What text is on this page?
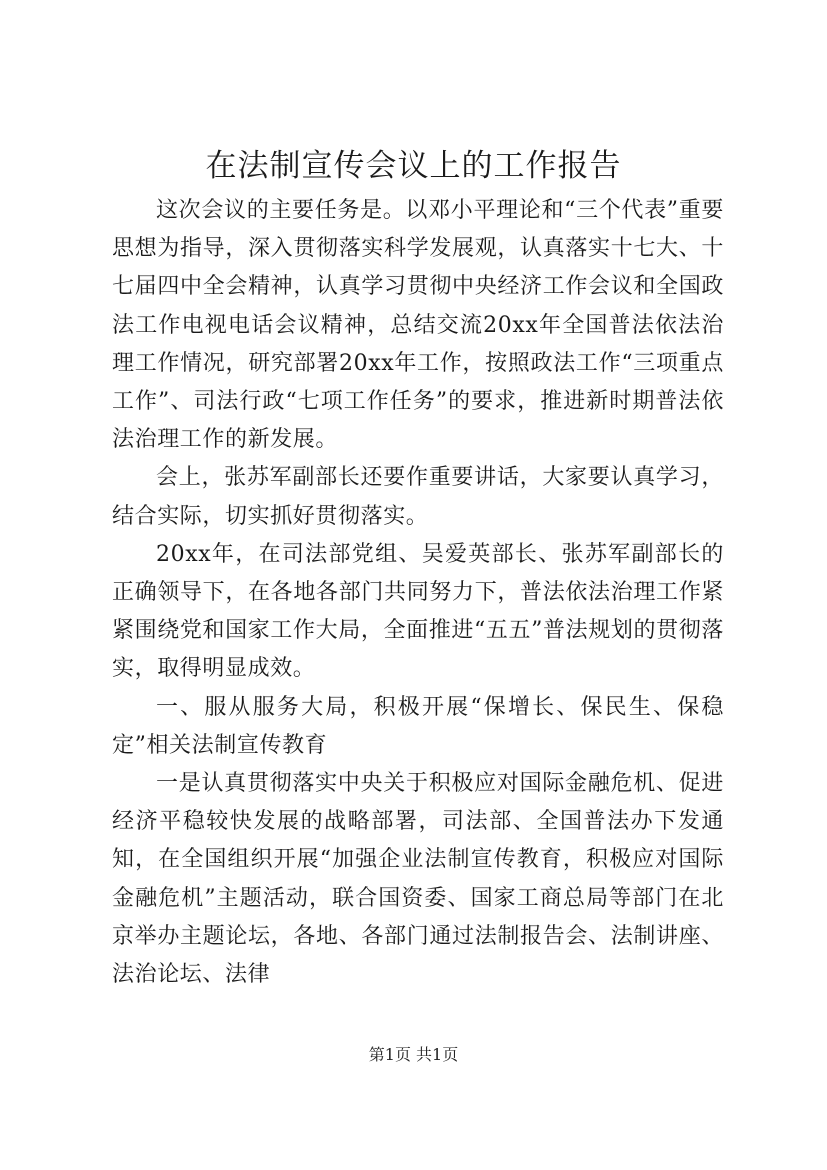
在法制宣传会议上的工作报告

这次会议的主要任务是。以邓小平理论和“三个代表”重要思想为指导，深入贯彻落实科学发展观，认真落实十七大、十七届四中全会精神，认真学习贯彻中央经济工作会议和全国政法工作电视电话会议精神，总结交流20xx年全国普法依法治理工作情况，研究部署20xx年工作，按照政法工作“三项重点工作”、司法行政“七项工作任务”的要求，推进新时期普法依法治理工作的新发展。

会上，张苏军副部长还要作重要讲话，大家要认真学习，结合实际，切实抓好贯彻落实。

20xx年，在司法部党组、吴爱英部长、张苏军副部长的正确领导下，在各地各部门共同努力下，普法依法治理工作紧紧围绕党和国家工作大局，全面推进“五五”普法规划的贯彻落实，取得明显成效。

一、服从服务大局，积极开展“保增长、保民生、保稳定”相关法制宣传教育

一是认真贯彻落实中央关于积极应对国际金融危机、促进经济平稳较快发展的战略部署，司法部、全国普法办下发通知，在全国组织开展“加强企业法制宣传教育，积极应对国际金融危机”主题活动，联合国资委、国家工商总局等部门在北京举办主题论坛，各地、各部门通过法制报告会、法制讲座、法治论坛、法律

第1页 共1页
